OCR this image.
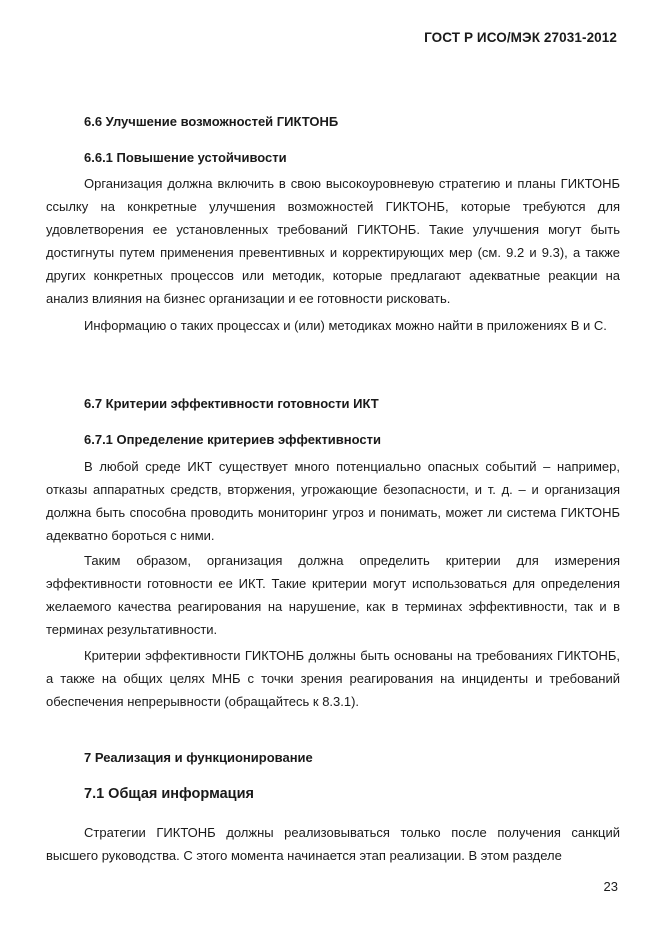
ГОСТ Р ИСО/МЭК 27031-2012
6.6 Улучшение возможностей ГИКТОНБ
6.6.1 Повышение устойчивости

Организация должна включить в свою высокоуровневую стратегию и планы ГИКТОНБ ссылку на конкретные улучшения возможностей ГИКТОНБ, которые требуются для удовлетворения ее установленных требований ГИКТОНБ. Такие улучшения могут быть достигнуты путем применения превентивных и корректирующих мер (см. 9.2 и 9.3), а также других конкретных процессов или методик, которые предлагают адекватные реакции на анализ влияния на бизнес организации и ее готовности рисковать.

Информацию о таких процессах и (или) методиках можно найти в приложениях В и С.

6.7 Критерии эффективности готовности ИКТ
6.7.1 Определение критериев эффективности

В любой среде ИКТ существует много потенциально опасных событий – например, отказы аппаратных средств, вторжения, угрожающие безопасности, и т. д. – и организация должна быть способна проводить мониторинг угроз и понимать, может ли система ГИКТОНБ адекватно бороться с ними.

Таким образом, организация должна определить критерии для измерения эффективности готовности ее ИКТ. Такие критерии могут использоваться для определения желаемого качества реагирования на нарушение, как в терминах эффективности, так и в терминах результативности.

Критерии эффективности ГИКТОНБ должны быть основаны на требованиях ГИКТОНБ, а также на общих целях МНБ с точки зрения реагирования на инциденты и требований обеспечения непрерывности (обращайтесь к 8.3.1).

7 Реализация и функционирование
7.1 Общая информация

Стратегии ГИКТОНБ должны реализовываться только после получения санкций высшего руководства. С этого момента начинается этап реализации. В этом разделе

23
